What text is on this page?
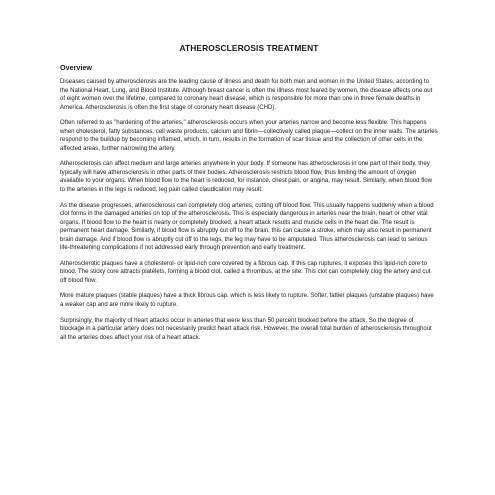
ATHEROSCLEROSIS TREATMENT
Overview

Diseases caused by atherosclerosis are the leading cause of illness and death for both men and women in the United States, according to the National Heart, Lung, and Blood Institute. Although breast cancer is often the illness most feared by women, the disease affects one out of eight women over the lifetime, compared to coronary heart disease, which is responsible for more than one in three female deaths in America. Atherosclerosis is often the first stage of coronary heart disease (CHD).

Often referred to as "hardening of the arteries," atherosclerosis occurs when your arteries narrow and become less flexible. This happens when cholesterol, fatty substances, cell waste products, calcium and fibrin—collectively called plaque—collect on the inner walls. The arteries respond to the buildup by becoming inflamed, which, in turn, results in the formation of scar tissue and the collection of other cells in the affected areas, further narrowing the artery.

Atherosclerosis can affect medium and large arteries anywhere in your body. If someone has atherosclerosis in one part of their body, they typically will have atherosclerosis in other parts of their bodies. Atherosclerosis restricts blood flow, thus limiting the amount of oxygen available to your organs. When blood flow to the heart is reduced, for instance, chest pain, or angina, may result. Similarly, when blood flow to the arteries in the legs is reduced, leg pain called claudication may result.

As the disease progresses, atherosclerosis can completely clog arteries, cutting off blood flow. This usually happens suddenly when a blood clot forms in the damaged arteries on top of the atherosclerosis. This is especially dangerous in arteries near the brain, heart or other vital organs. If blood flow to the heart is nearly or completely blocked, a heart attack results and muscle cells in the heart die. The result is permanent heart damage. Similarly, if blood flow is abruptly cut off to the brain, this can cause a stroke, which may also result in permanent brain damage. And if blood flow is abruptly cut off to the legs, the leg may have to be amputated. Thus atherosclerosis can lead to serious life-threatening complications if not addressed early through prevention and early treatment.

Atherosclerotic plaques have a cholesterol- or lipid-rich core covered by a fibrous cap. If this cap ruptures, it exposes this lipid-rich core to blood. The sticky core attracts platelets, forming a blood clot, called a thrombus, at the site. This clot can completely clog the artery and cut off blood flow.

More mature plaques (stable plaques) have a thick fibrous cap, which is less likely to rupture. Softer, fattier plaques (unstable plaques) have a weaker cap and are more likely to rupture.

Surprisingly, the majority of heart attacks occur in arteries that were less than 50 percent blocked before the attack. So the degree of blockage in a particular artery does not necessarily predict heart attack risk. However, the overall total burden of atherosclerosis throughout all the arteries does affect your risk of a heart attack.
